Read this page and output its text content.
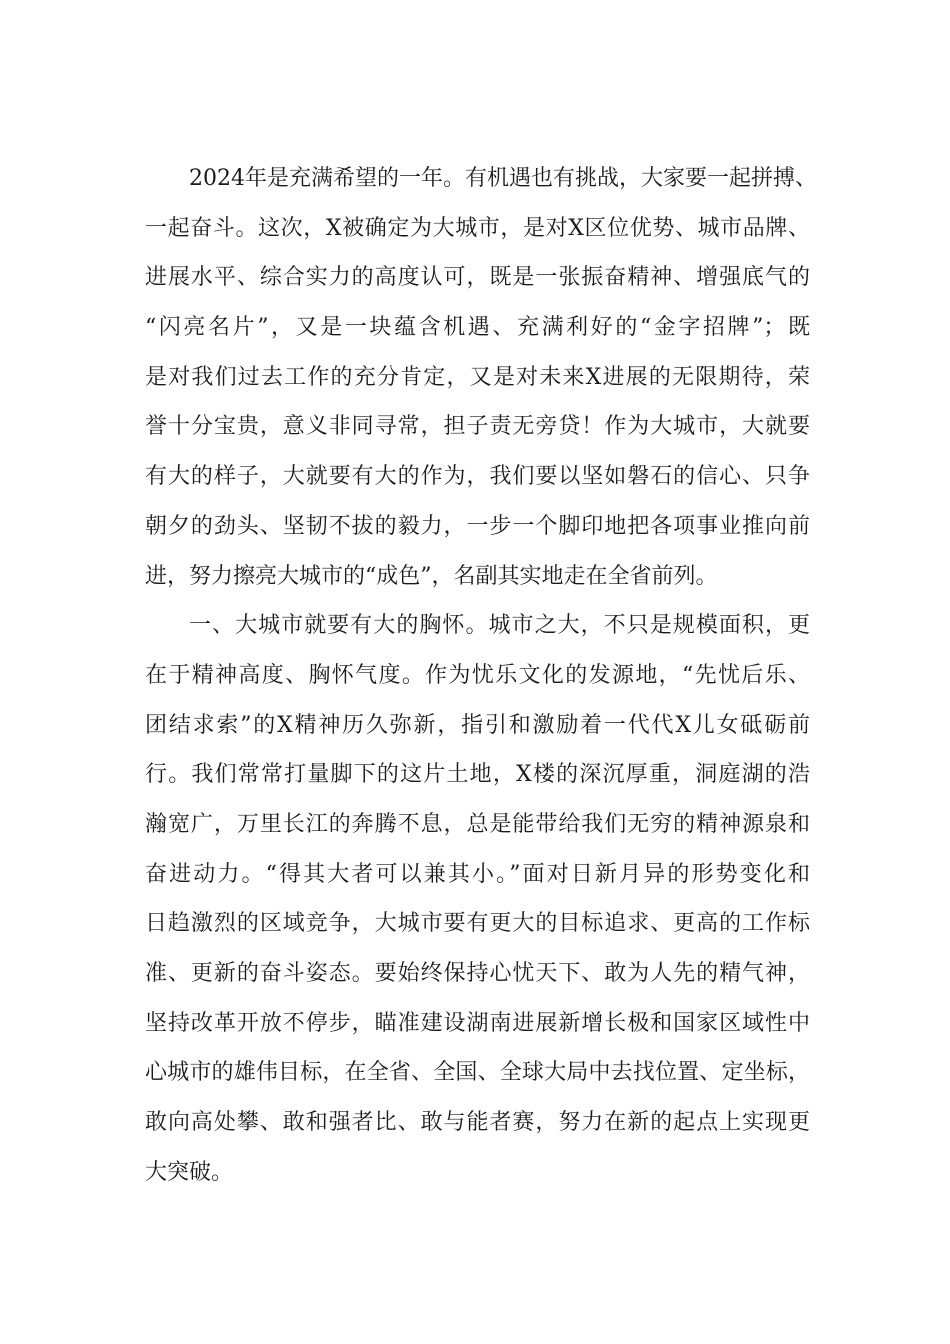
2024年是充满希望的一年。有机遇也有挑战，大家要一起拼搏、
一起奋斗。这次，X被确定为大城市，是对X区位优势、城市品牌、
进展水平、综合实力的高度认可，既是一张振奋精神、增强底气的
“闪亮名片”，又是一块蕴含机遇、充满利好的“金字招牌”；既
是对我们过去工作的充分肯定，又是对未来X进展的无限期待，荣
誉十分宝贵，意义非同寻常，担子责无旁贷！作为大城市，大就要
有大的样子，大就要有大的作为，我们要以坚如磐石的信心、只争
朝夕的劲头、坚韧不拔的毅力，一步一个脚印地把各项事业推向前
进，努力擦亮大城市的“成色”，名副其实地走在全省前列。
一、大城市就要有大的胸怀。城市之大，不只是规模面积，更
在于精神高度、胸怀气度。作为忧乐文化的发源地，“先忧后乐、
团结求索”的X精神历久弥新，指引和激励着一代代X儿女砥砺前
行。我们常常打量脚下的这片土地，X楼的深沉厚重，洞庭湖的浩
瀚宽广，万里长江的奔腾不息，总是能带给我们无穷的精神源泉和
奋进动力。“得其大者可以兼其小。”面对日新月异的形势变化和
日趋激烈的区域竞争，大城市要有更大的目标追求、更高的工作标
准、更新的奋斗姿态。要始终保持心忧天下、敢为人先的精气神，
坚持改革开放不停步，瞄准建设湖南进展新增长极和国家区域性中
心城市的雄伟目标，在全省、全国、全球大局中去找位置、定坐标，
敢向高处攀、敢和强者比、敢与能者赛，努力在新的起点上实现更
大突破。
